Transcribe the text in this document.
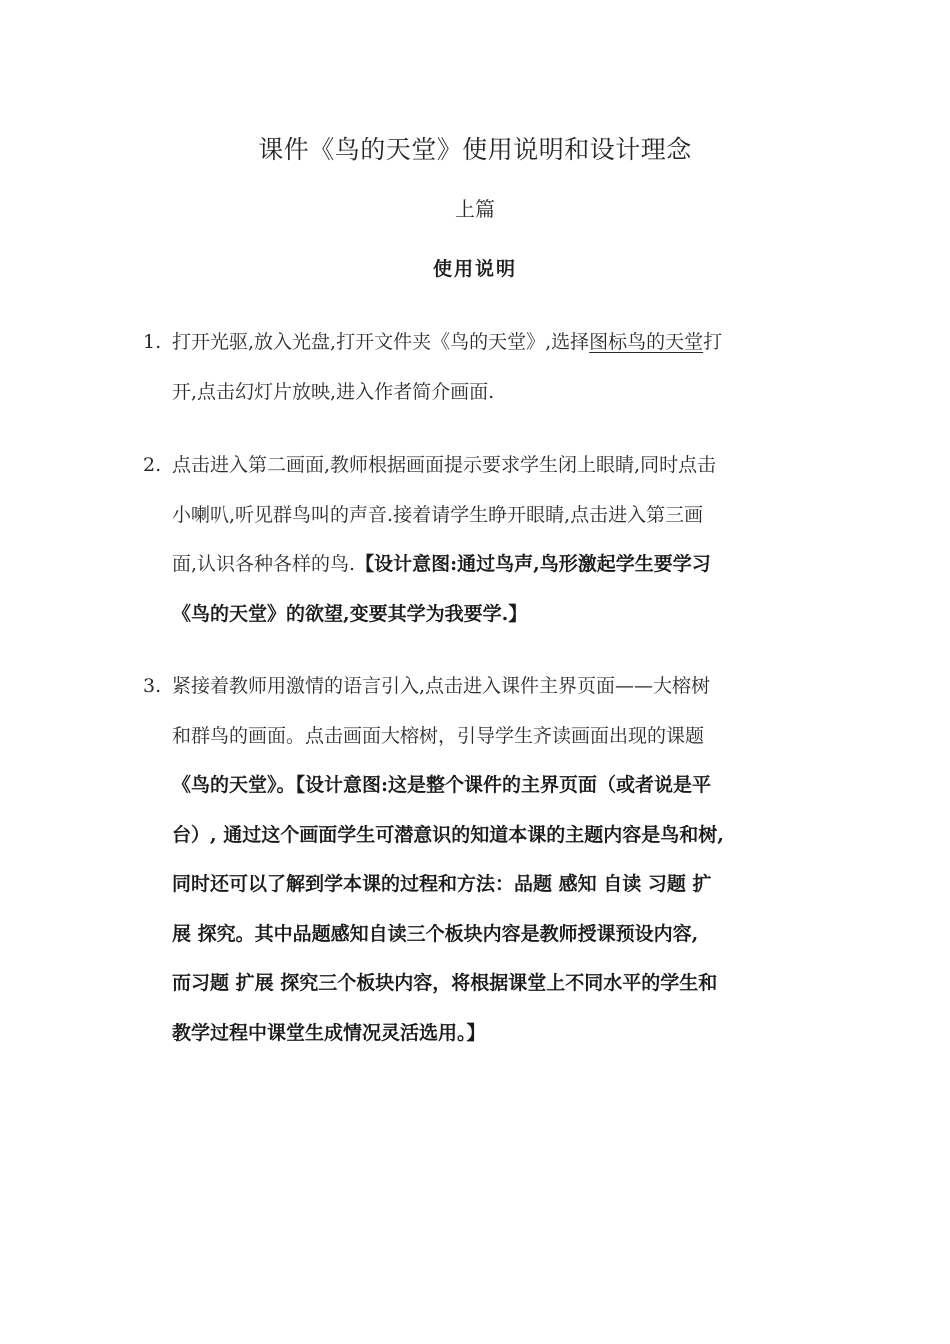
课件《鸟的天堂》使用说明和设计理念
上篇
使用说明
1. 打开光驱,放入光盘,打开文件夹《鸟的天堂》,选择图标鸟的天堂打
开,点击幻灯片放映,进入作者简介画面.
2. 点击进入第二画面,教师根据画面提示要求学生闭上眼睛,同时点击
小喇叭,听见群鸟叫的声音.接着请学生睁开眼睛,点击进入第三画
面,认识各种各样的鸟.【设计意图:通过鸟声,鸟形激起学生要学习
《鸟的天堂》的欲望,变要其学为我要学.】
3. 紧接着教师用激情的语言引入,点击进入课件主界页面——大榕树
和群鸟的画面。点击画面大榕树，引导学生齐读画面出现的课题
《鸟的天堂》。【设计意图:这是整个课件的主界页面（或者说是平
台）, 通过这个画面学生可潜意识的知道本课的主题内容是鸟和树,
同时还可以了解到学本课的过程和方法：品题 感知 自读 习题 扩
展 探究。其中品题感知自读三个板块内容是教师授课预设内容,
而习题 扩展 探究三个板块内容，将根据课堂上不同水平的学生和
教学过程中课堂生成情况灵活选用。】
